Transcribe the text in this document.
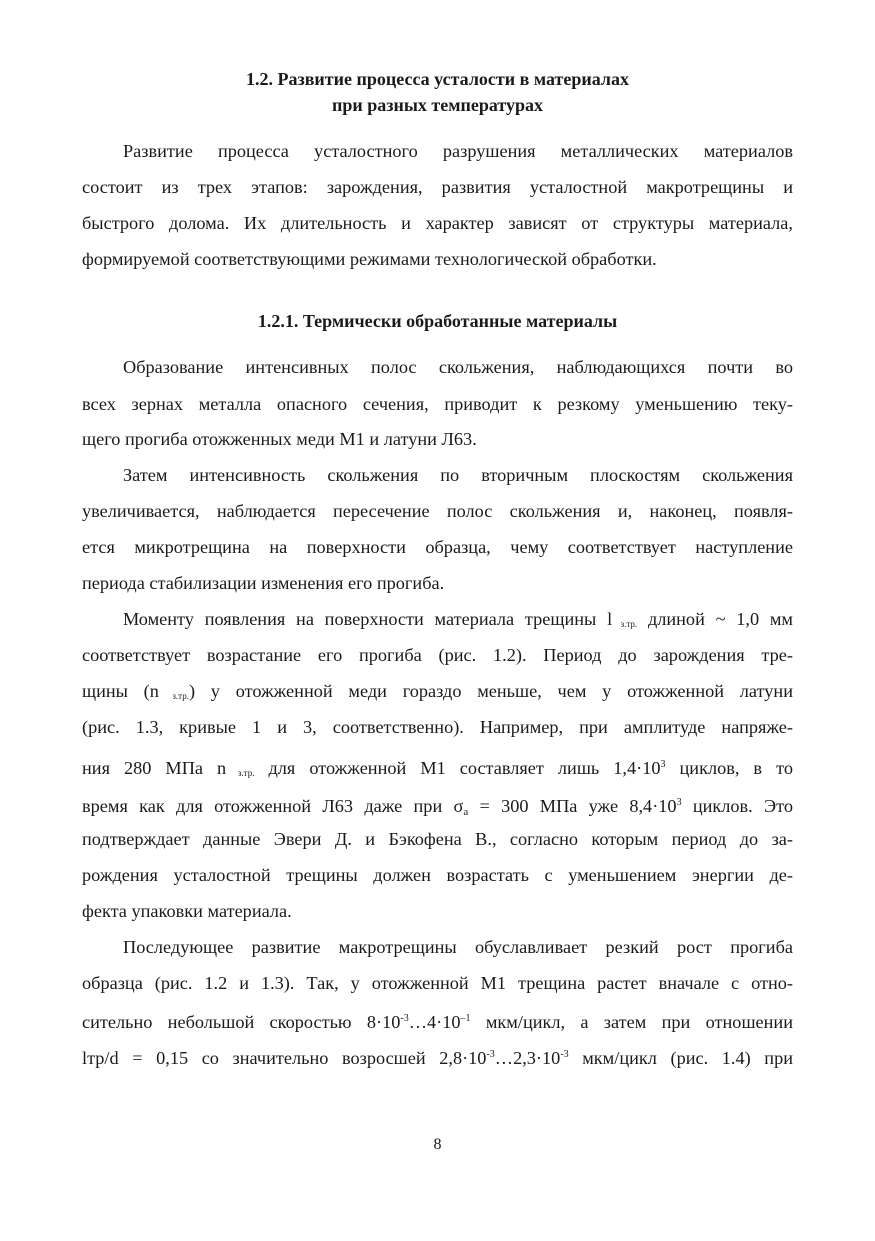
1.2. Развитие процесса усталости в материалах
при разных температурах
Развитие процесса усталостного разрушения металлических материалов
состоит из трех этапов: зарождения, развития усталостной макротрещины и
быстрого долома. Их длительность и характер зависят от структуры материала,
формируемой соответствующими режимами технологической обработки.
1.2.1. Термически обработанные материалы
Образование интенсивных полос скольжения, наблюдающихся почти во
всех зернах металла опасного сечения, приводит к резкому уменьшению теку-
щего прогиба отожженных меди М1 и латуни Л63.
Затем интенсивность скольжения по вторичным плоскостям скольжения
увеличивается, наблюдается пересечение полос скольжения и, наконец, появля-
ется микротрещина на поверхности образца, чему соответствует наступление
периода стабилизации изменения его прогиба.
Моменту появления на поверхности материала трещины l $_{з.тр.}$ длиной ~ 1,0 мм
соответствует возрастание его прогиба (рис. 1.2). Период до зарождения тре-
щины (n $_{з.тр.}$) у отожженной меди гораздо меньше, чем у отожженной латуни
(рис. 1.3, кривые 1 и 3, соответственно). Например, при амплитуде напряже-
ния 280 МПа n $_{з.тр.}$ для отожженной М1 составляет лишь $1,4\cdot 10^3$ циклов, в то
время как для отожженной Л63 даже при σa = 300 МПа уже $8,4\cdot 10^3$ циклов. Это
подтверждает данные Эвери Д. и Бэкофена В., согласно которым период до за-
рождения усталостной трещины должен возрастать с уменьшением энергии де-
фекта упаковки материала.
Последующее развитие макротрещины обуславливает резкий рост прогиба
образца (рис. 1.2 и 1.3). Так, у отожженной М1 трещина растет вначале с отно-
сительно небольшой скоростью $8\cdot 10^{-3}\dots 4\cdot 10^{-1}$ мкм/цикл, а затем при отношении
lтр/d = 0,15 со значительно возросшей $2,8\cdot 10^{-3}\dots 2,3\cdot 10^{-3}$ мкм/цикл (рис. 1.4) при
8
